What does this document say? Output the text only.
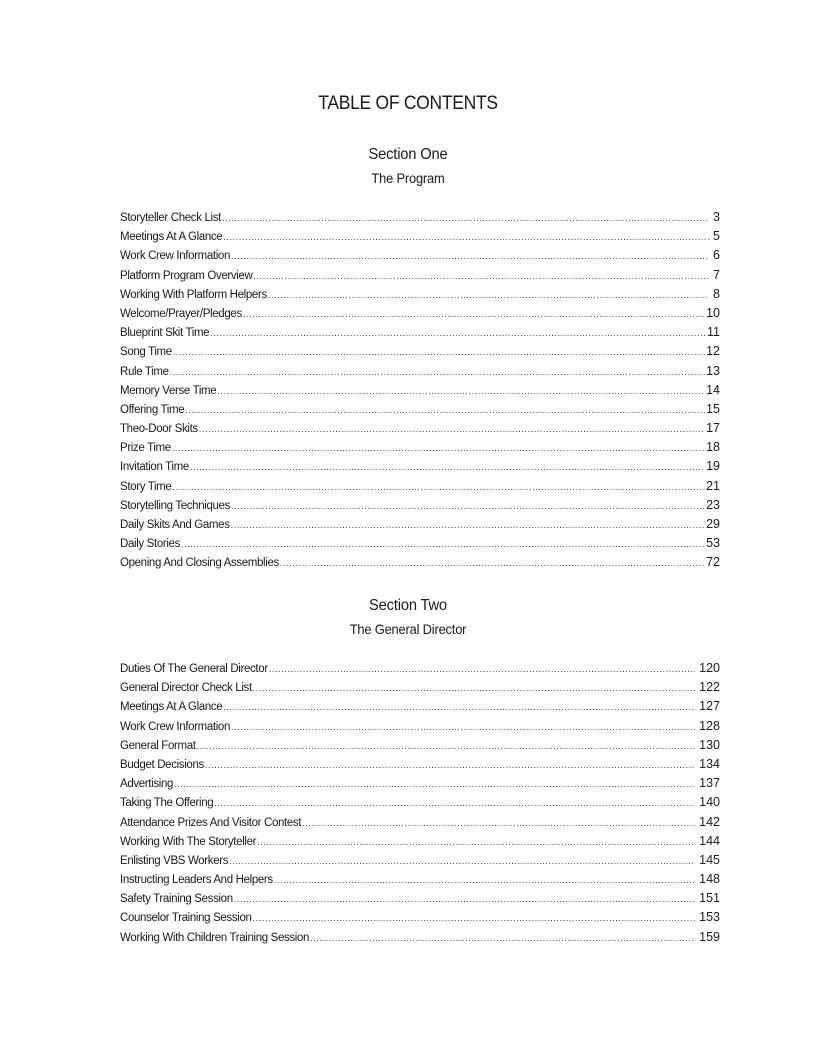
TABLE OF CONTENTS
Section One
The Program
Storyteller Check List .....	3
Meetings At A Glance .....	5
Work Crew Information .....	6
Platform Program Overview .....	7
Working With Platform Helpers .....	8
Welcome/Prayer/Pledges .....	10
Blueprint Skit Time .....	11
Song Time .....	12
Rule Time .....	13
Memory Verse Time .....	14
Offering Time .....	15
Theo-Door Skits .....	17
Prize Time .....	18
Invitation Time .....	19
Story Time .....	21
Storytelling Techniques .....	23
Daily Skits And Games .....	29
Daily Stories .....	53
Opening And Closing Assemblies .....	72
Section Two
The General Director
Duties Of The General Director .....	120
General Director Check List .....	122
Meetings At A Glance .....	127
Work Crew Information .....	128
General Format .....	130
Budget Decisions .....	134
Advertising .....	137
Taking The Offering .....	140
Attendance Prizes And Visitor Contest .....	142
Working With The Storyteller .....	144
Enlisting VBS Workers .....	145
Instructing Leaders And Helpers .....	148
Safety Training Session .....	151
Counselor Training Session .....	153
Working With Children Training Session .....	159
